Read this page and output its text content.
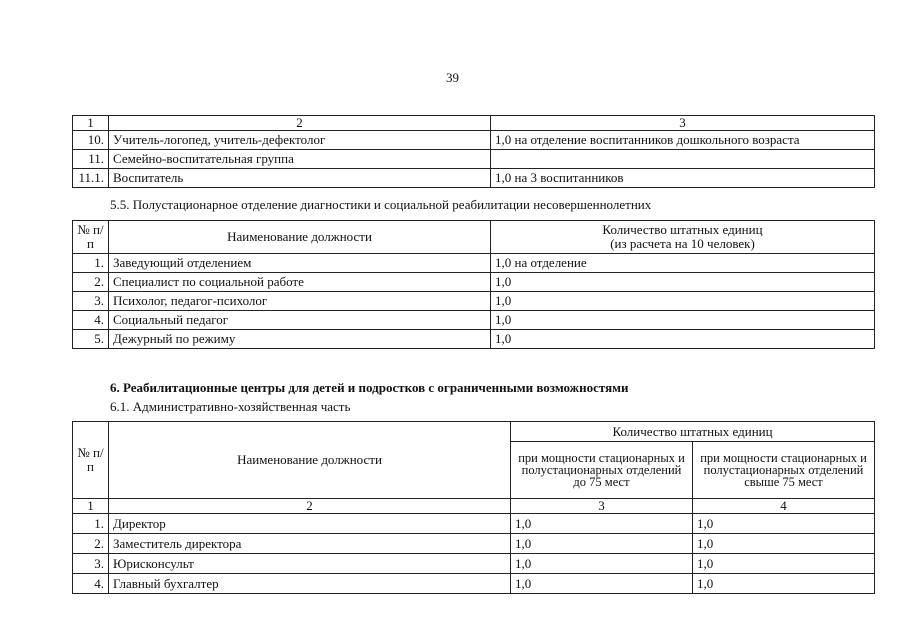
39
1	2	3
10.	Учитель-логопед, учитель-дефектолог	1,0 на отделение воспитанников дошкольного возраста
11.	Семейно-воспитательная группа	
11.1.	Воспитатель	1,0 на 3 воспитанников
5.5. Полустационарное отделение диагностики и социальной реабилитации несовершеннолетних
№ п/п	Наименование должности	Количество штатных единиц
(из расчета на 10 человек)

1.	Заведующий отделением	1,0 на отделение
2.	Специалист по социальной работе	1,0
3.	Психолог, педагог-психолог	1,0
4.	Социальный педагог	1,0
5.	Дежурный по режиму	1,0
6. Реабилитационные центры для детей и подростков с ограниченными возможностями
6.1. Административно-хозяйственная часть
№ п/п	Наименование должности	Количество штатных единиц	
		при мощности стационарных и полустационарных отделений до 75 мест	при мощности стационарных и полустационарных отделений свыше 75 мест
1	2	3	4
1.	Директор	1,0	1,0
2.	Заместитель директора	1,0	1,0
3.	Юрисконсульт	1,0	1,0
4.	Главный бухгалтер	1,0	1,0
